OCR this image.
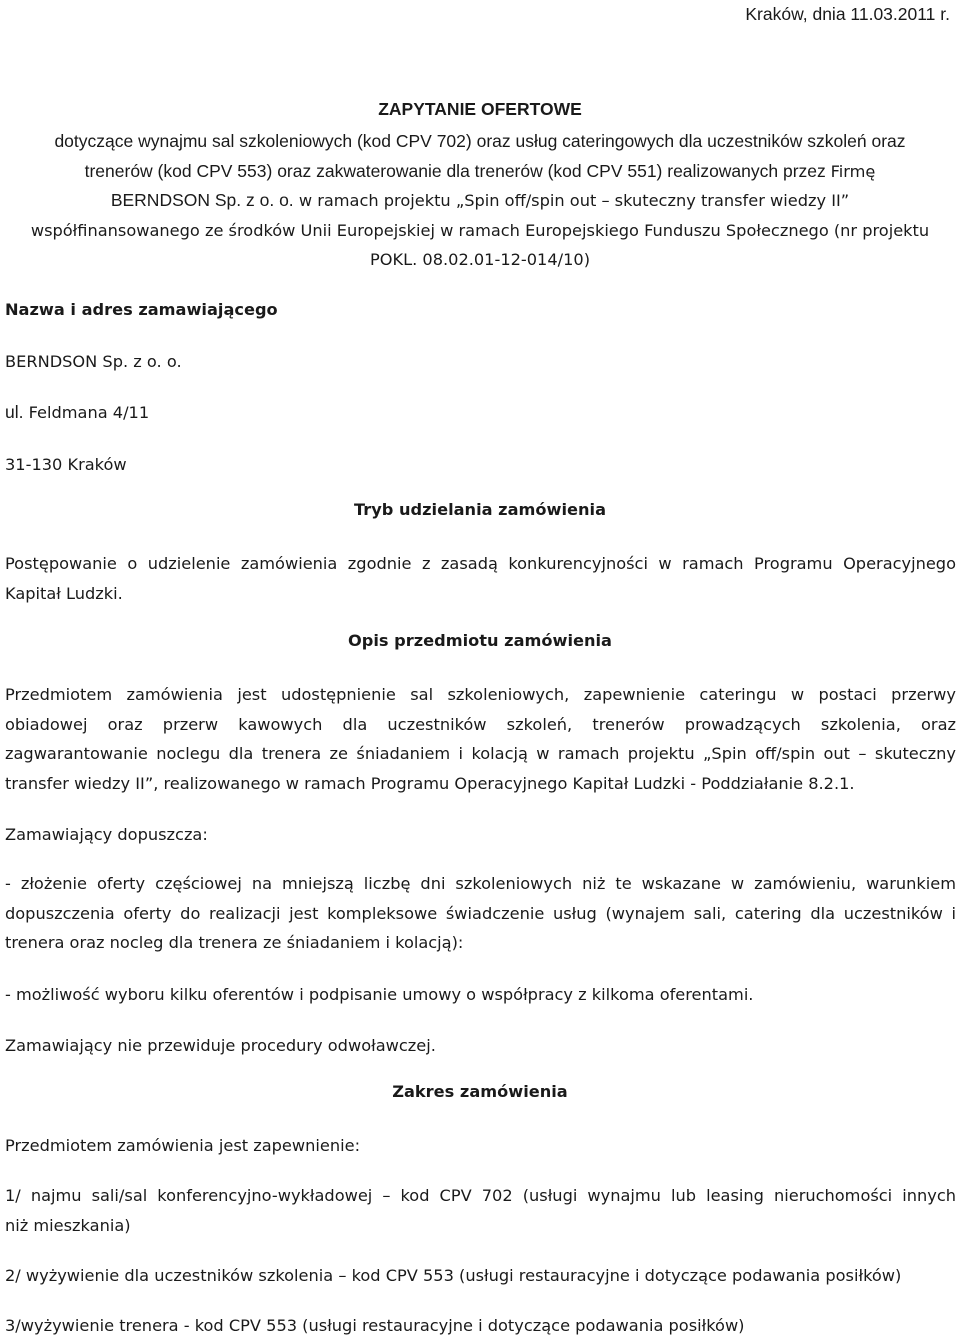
Kraków, dnia 11.03.2011 r.
ZAPYTANIE OFERTOWE
dotyczące wynajmu sal szkoleniowych (kod CPV 702) oraz usług cateringowych dla uczestników szkoleń oraz
trenerów (kod CPV 553) oraz zakwaterowanie dla trenerów (kod CPV 551) realizowanych przez Firmę
BERNDSON Sp. z o. o. w ramach projektu „Spin off/spin out – skuteczny transfer wiedzy II”
współfinansowanego ze środków Unii Europejskiej w ramach Europejskiego Funduszu Społecznego (nr projektu
POKL. 08.02.01-12-014/10)
Nazwa i adres zamawiającego
BERNDSON Sp. z o. o.
ul. Feldmana 4/11
31-130 Kraków
Tryb udzielania zamówienia
Postępowanie o udzielenie zamówienia zgodnie z zasadą konkurencyjności w ramach Programu Operacyjnego
Kapitał Ludzki.
Opis przedmiotu zamówienia
Przedmiotem zamówienia jest udostępnienie sal szkoleniowych, zapewnienie cateringu w postaci przerwy
obiadowej oraz przerw kawowych dla uczestników szkoleń, trenerów prowadzących szkolenia, oraz
zagwarantowanie noclegu dla trenera ze śniadaniem i kolacją w ramach projektu „Spin off/spin out – skuteczny
transfer wiedzy II”, realizowanego w ramach Programu Operacyjnego Kapitał Ludzki - Poddziałanie 8.2.1.
Zamawiający dopuszcza:
- złożenie oferty częściowej na mniejszą liczbę dni szkoleniowych niż te wskazane w zamówieniu, warunkiem
dopuszczenia oferty do realizacji jest kompleksowe świadczenie usług (wynajem sali, catering dla uczestników i
trenera oraz nocleg dla trenera ze śniadaniem i kolacją):
- możliwość wyboru kilku oferentów i podpisanie umowy o współpracy z kilkoma oferentami.
Zamawiający nie przewiduje procedury odwoławczej.
Zakres zamówienia
Przedmiotem zamówienia jest zapewnienie:
1/ najmu sali/sal konferencyjno-wykładowej – kod CPV 702 (usługi wynajmu lub leasing nieruchomości innych
niż mieszkania)
2/ wyżywienie dla uczestników szkolenia – kod CPV 553 (usługi restauracyjne i dotyczące podawania posiłków)
3/wyżywienie trenera - kod CPV 553 (usługi restauracyjne i dotyczące podawania posiłków)
